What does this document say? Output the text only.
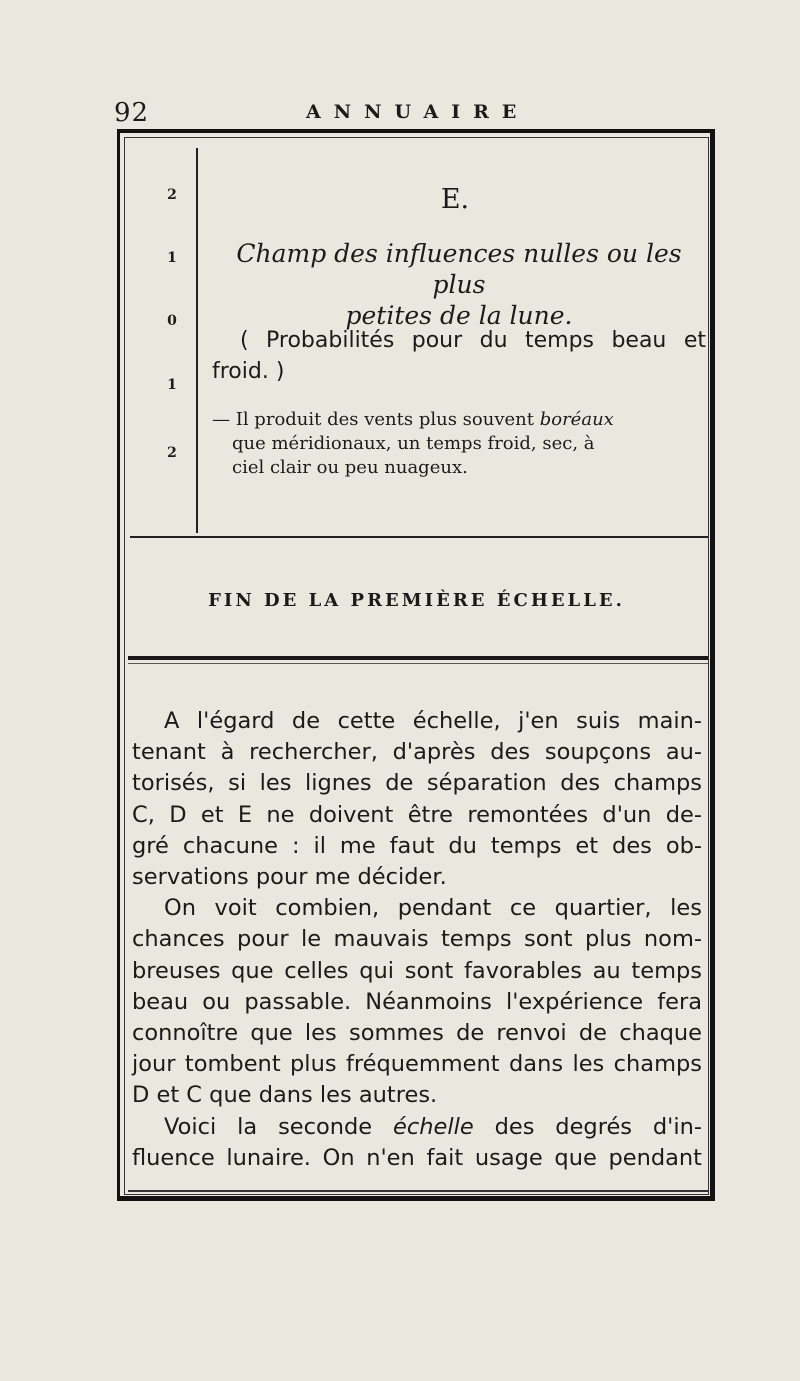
92	ANNUAIRE
2
1
0
1
2
E.
Champ des influences nulles ou les plus
petites de la lune.
( Probabilités pour du temps beau et froid. )
— Il produit des vents plus souvent boréaux
que méridionaux, un temps froid, sec, à
ciel clair ou peu nuageux.
FIN DE LA PREMIÈRE ÉCHELLE.

A l'égard de cette échelle, j'en suis main-
tenant à rechercher, d'après des soupçons au-
torisés, si les lignes de séparation des champs
C, D et E ne doivent être remontées d'un de-
gré chacune : il me faut du temps et des ob-
servations pour me décider.

On voit combien, pendant ce quartier, les
chances pour le mauvais temps sont plus nom-
breuses que celles qui sont favorables au temps
beau ou passable. Néanmoins l'expérience fera
connoître que les sommes de renvoi de chaque
jour tombent plus fréquemment dans les champs
D et C que dans les autres.

Voici la seconde échelle des degrés d'in-
fluence lunaire. On n'en fait usage que pendant
